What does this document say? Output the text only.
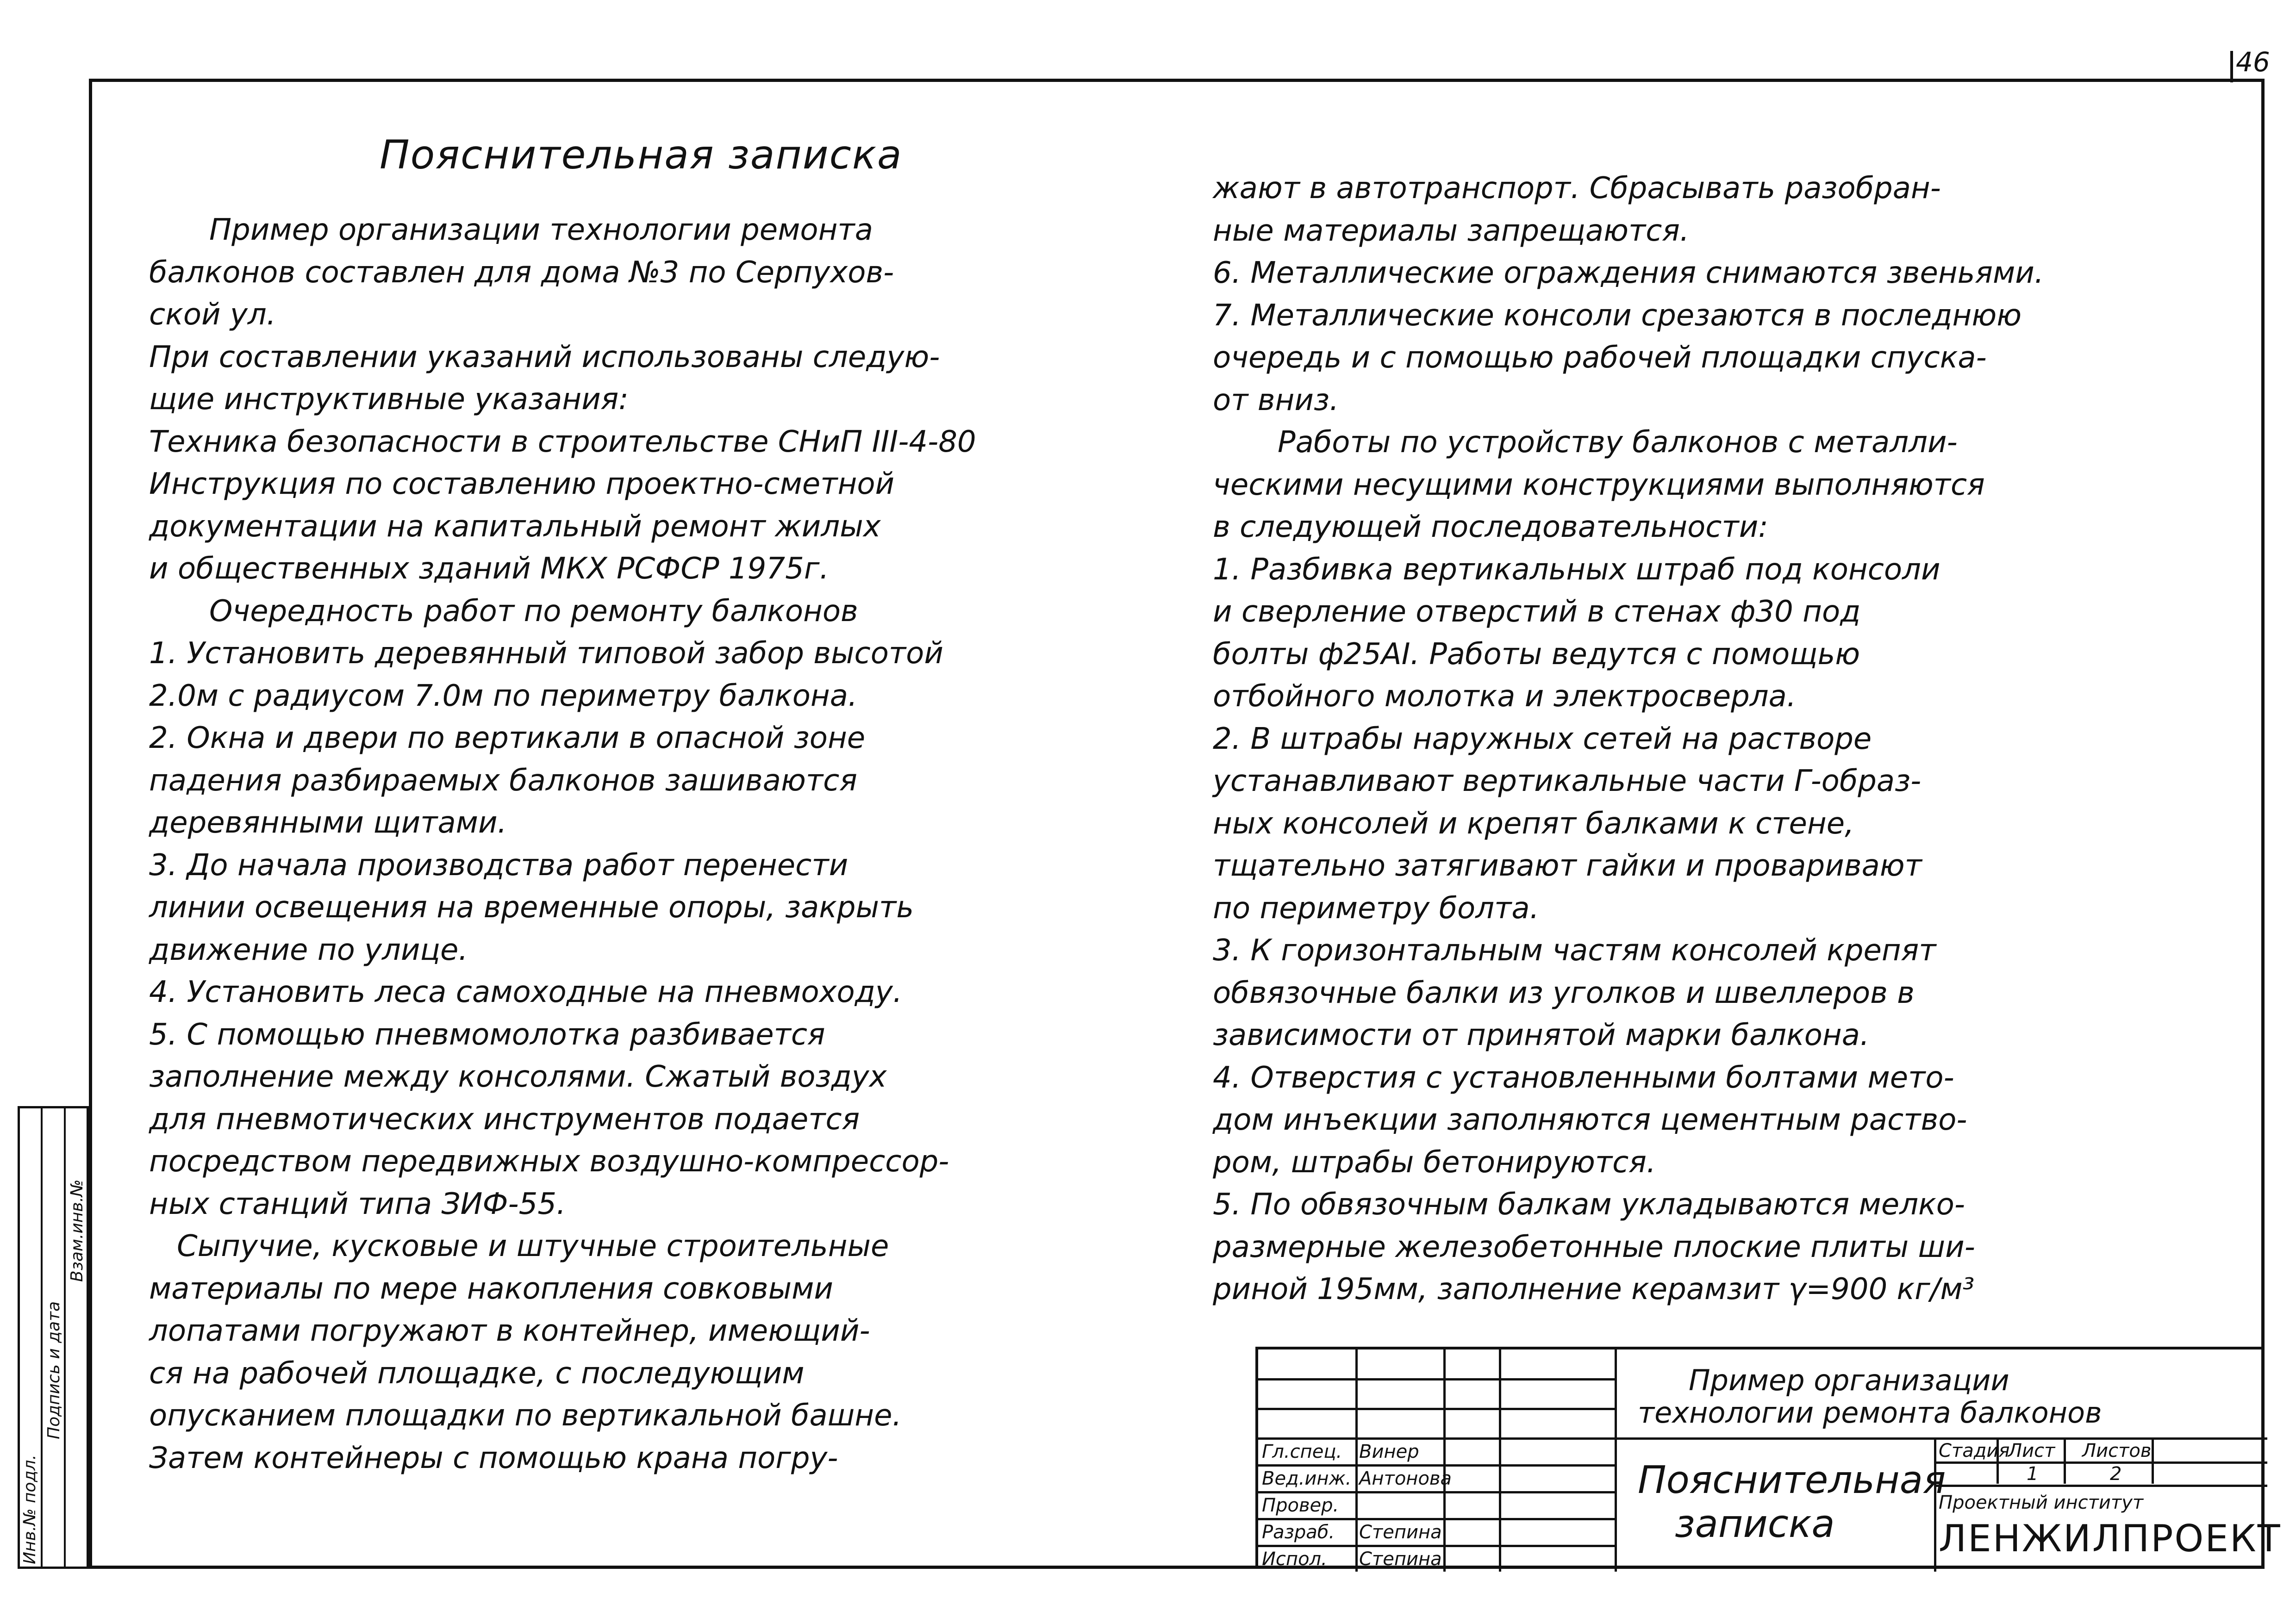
46
Пояснительная записка
Пример организации технологии ремонта
балконов составлен для дома №3 по Серпухов-
ской ул.
При составлении указаний использованы следую-
щие инструктивные указания:
Техника безопасности в строительстве СНиП III-4-80
Инструкция по составлению проектно-сметной
документации на капитальный ремонт жилых
и общественных зданий МКХ РСФСР 1975г.
Очередность работ по ремонту балконов
1. Установить деревянный типовой забор высотой
2.0м с радиусом 7.0м по периметру балкона.
2. Окна и двери по вертикали в опасной зоне
падения разбираемых балконов зашиваются
деревянными щитами.
3. До начала производства работ перенести
линии освещения на временные опоры, закрыть
движение по улице.
4. Установить леса самоходные на пневмоходу.
5. С помощью пневмомолотка разбивается
заполнение между консолями. Сжатый воздух
для пневмотических инструментов подается
посредством передвижных воздушно-компрессор-
ных станций типа ЗИФ-55.
Сыпучие, кусковые и штучные строительные
материалы по мере накопления совковыми
лопатами погружают в контейнер, имеющий-
ся на рабочей площадке, с последующим
опусканием площадки по вертикальной башне.
Затем контейнеры с помощью крана погру-
жают в автотранспорт. Сбрасывать разобран-
ные материалы запрещаются.
6. Металлические ограждения снимаются звеньями.
7. Металлические консоли срезаются в последнюю
очередь и с помощью рабочей площадки спуска-
от вниз.
Работы по устройству балконов с металли-
ческими несущими конструкциями выполняются
в следующей последовательности:
1. Разбивка вертикальных штраб под консоли
и сверление отверстий в стенах ф30 под
болты ф25АI. Работы ведутся с помощью
отбойного молотка и электросверла.
2. В штрабы наружных сетей на растворе
устанавливают вертикальные части Г-образ-
ных консолей и крепят балками к стене,
тщательно затягивают гайки и проваривают
по периметру болта.
3. К горизонтальным частям консолей крепят
обвязочные балки из уголков и швеллеров в
зависимости от принятой марки балкона.
4. Отверстия с установленными болтами мето-
дом инъекции заполняются цементным раство-
ром, штрабы бетонируются.
5. По обвязочным балкам укладываются мелко-
размерные железобетонные плоские плиты ши-
риной 195мм, заполнение керамзит γ=900 кг/м³
Инв.№ подл.
Подпись и дата
Взам.инв.№
Гл.спец. Винер
Вед.инж. Антонова
Провер.
Разраб. Степина
Испол. Степина
Пример организации
технологии ремонта балконов
Пояснительная
записка
Стадия
Лист Листов
1	2
Проектный институт
ЛЕНЖИЛПРОЕКТ
